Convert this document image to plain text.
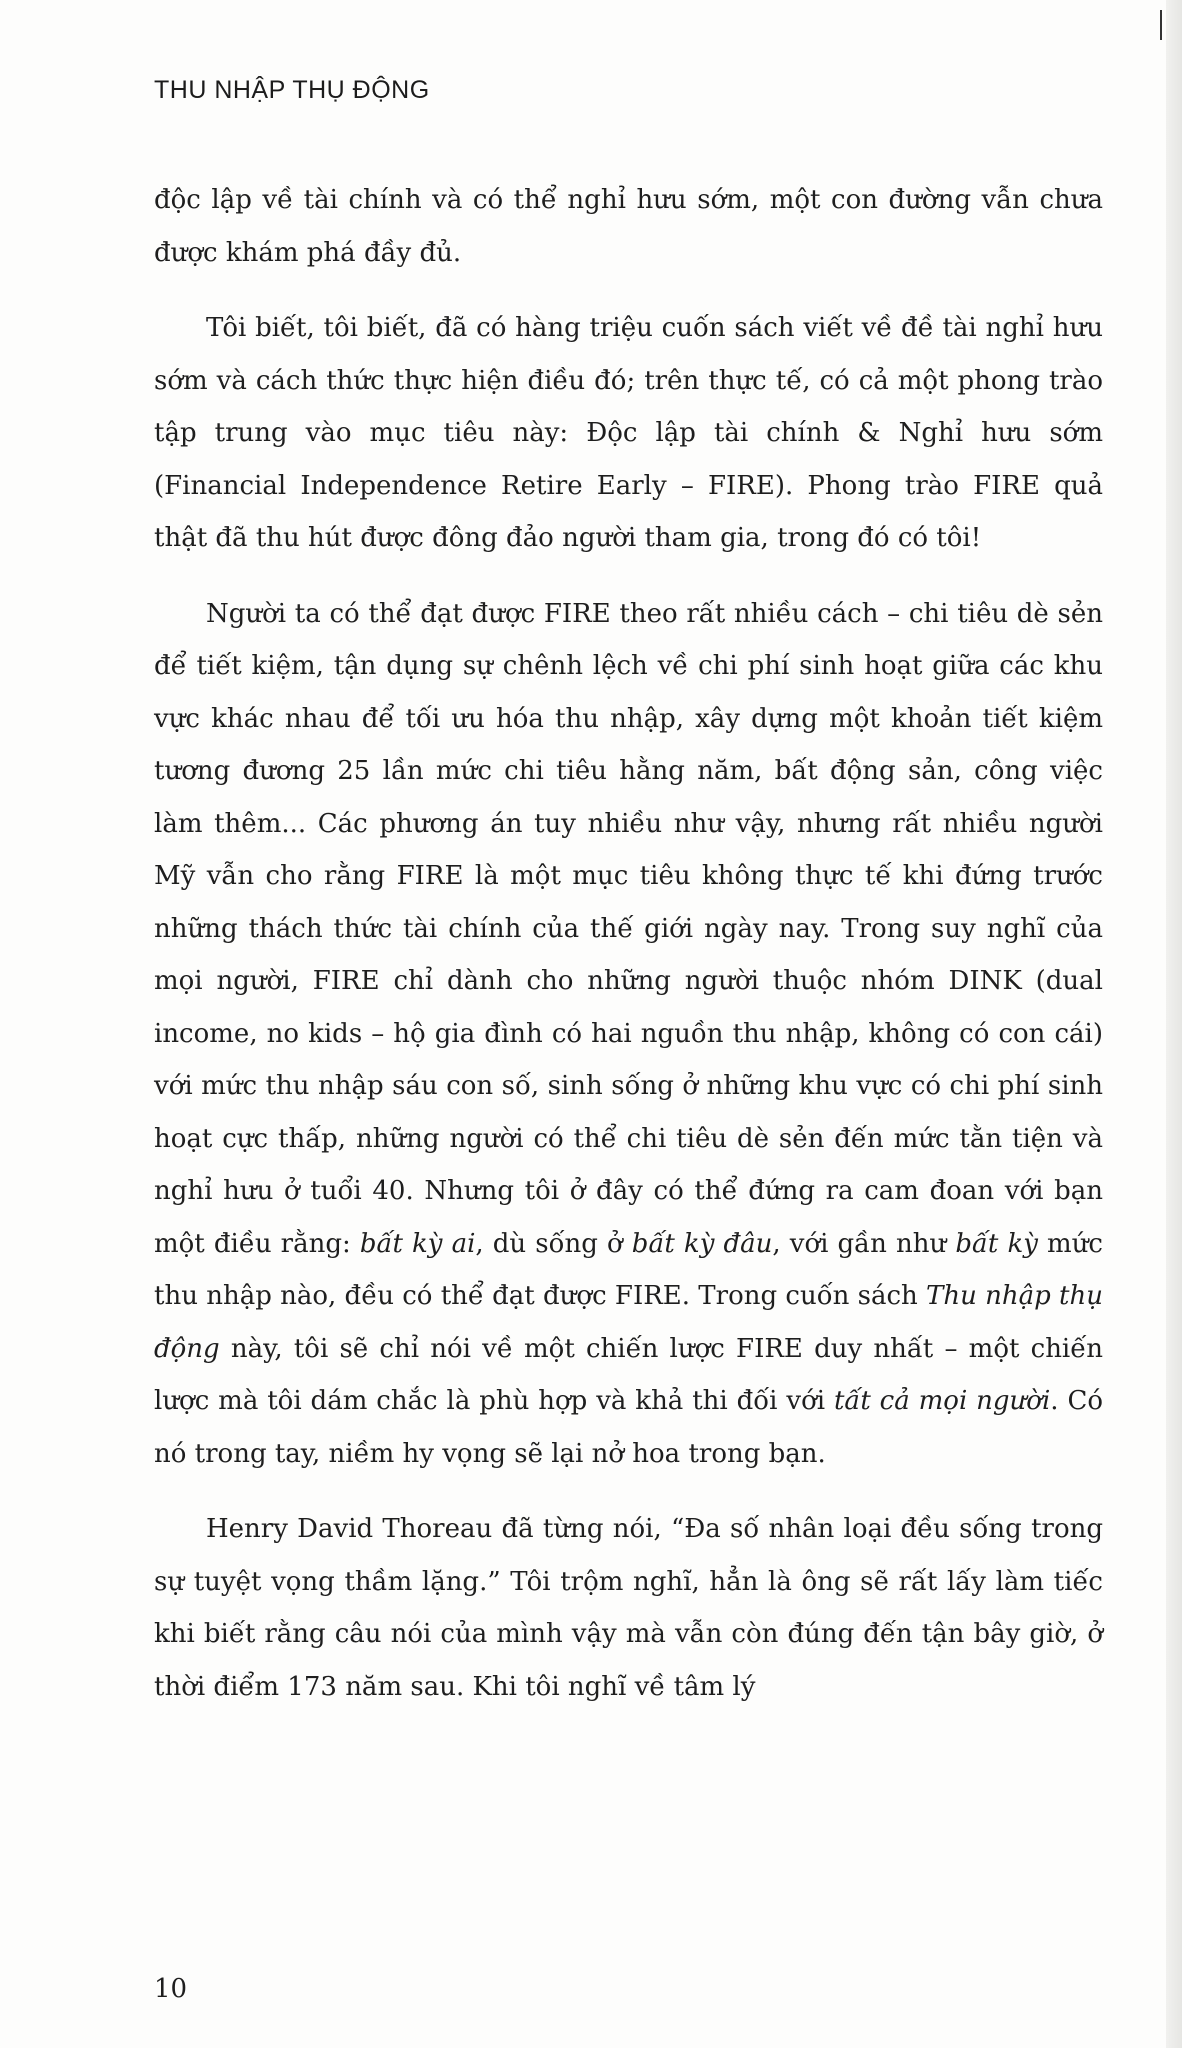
THU NHẬP THỤ ĐỘNG

độc lập về tài chính và có thể nghỉ hưu sớm, một con đường vẫn chưa được khám phá đầy đủ.

Tôi biết, tôi biết, đã có hàng triệu cuốn sách viết về đề tài nghỉ hưu sớm và cách thức thực hiện điều đó; trên thực tế, có cả một phong trào tập trung vào mục tiêu này: Độc lập tài chính & Nghỉ hưu sớm (Financial Independence Retire Early – FIRE). Phong trào FIRE quả thật đã thu hút được đông đảo người tham gia, trong đó có tôi!

Người ta có thể đạt được FIRE theo rất nhiều cách – chi tiêu dè sẻn để tiết kiệm, tận dụng sự chênh lệch về chi phí sinh hoạt giữa các khu vực khác nhau để tối ưu hóa thu nhập, xây dựng một khoản tiết kiệm tương đương 25 lần mức chi tiêu hằng năm, bất động sản, công việc làm thêm... Các phương án tuy nhiều như vậy, nhưng rất nhiều người Mỹ vẫn cho rằng FIRE là một mục tiêu không thực tế khi đứng trước những thách thức tài chính của thế giới ngày nay. Trong suy nghĩ của mọi người, FIRE chỉ dành cho những người thuộc nhóm DINK (dual income, no kids – hộ gia đình có hai nguồn thu nhập, không có con cái) với mức thu nhập sáu con số, sinh sống ở những khu vực có chi phí sinh hoạt cực thấp, những người có thể chi tiêu dè sẻn đến mức tằn tiện và nghỉ hưu ở tuổi 40. Nhưng tôi ở đây có thể đứng ra cam đoan với bạn một điều rằng: bất kỳ ai, dù sống ở bất kỳ đâu, với gần như bất kỳ mức thu nhập nào, đều có thể đạt được FIRE. Trong cuốn sách Thu nhập thụ động này, tôi sẽ chỉ nói về một chiến lược FIRE duy nhất – một chiến lược mà tôi dám chắc là phù hợp và khả thi đối với tất cả mọi người. Có nó trong tay, niềm hy vọng sẽ lại nở hoa trong bạn.

Henry David Thoreau đã từng nói, “Đa số nhân loại đều sống trong sự tuyệt vọng thầm lặng.” Tôi trộm nghĩ, hẳn là ông sẽ rất lấy làm tiếc khi biết rằng câu nói của mình vậy mà vẫn còn đúng đến tận bây giờ, ở thời điểm 173 năm sau. Khi tôi nghĩ về tâm lý

10
